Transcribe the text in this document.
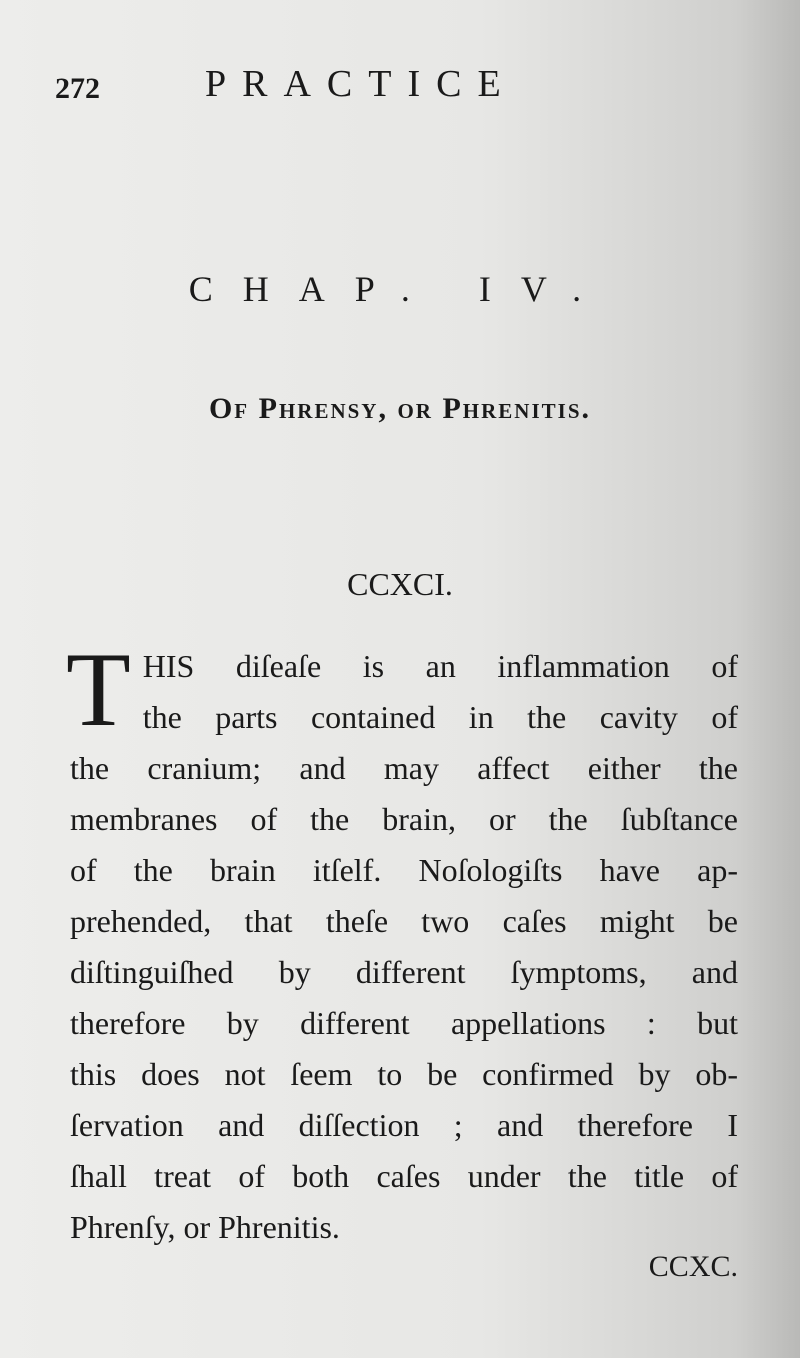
272	PRACTICE
CHAP. IV.
Of Phrensy, or Phrenitis.
CCXCI.
T HIS diſeaſe is an inflammation of
the parts contained in the cavity of
the cranium; and may affect either the
membranes of the brain, or the ſubſtance
of the brain itſelf. Noſologiſts have ap-
prehended, that theſe two caſes might be
diſtinguiſhed by different ſymptoms, and
therefore by different appellations : but
this does not ſeem to be confirmed by ob-
ſervation and diſſection ; and therefore I
ſhall treat of both caſes under the title of
Phrenſy, or Phrenitis.
CCXC.
